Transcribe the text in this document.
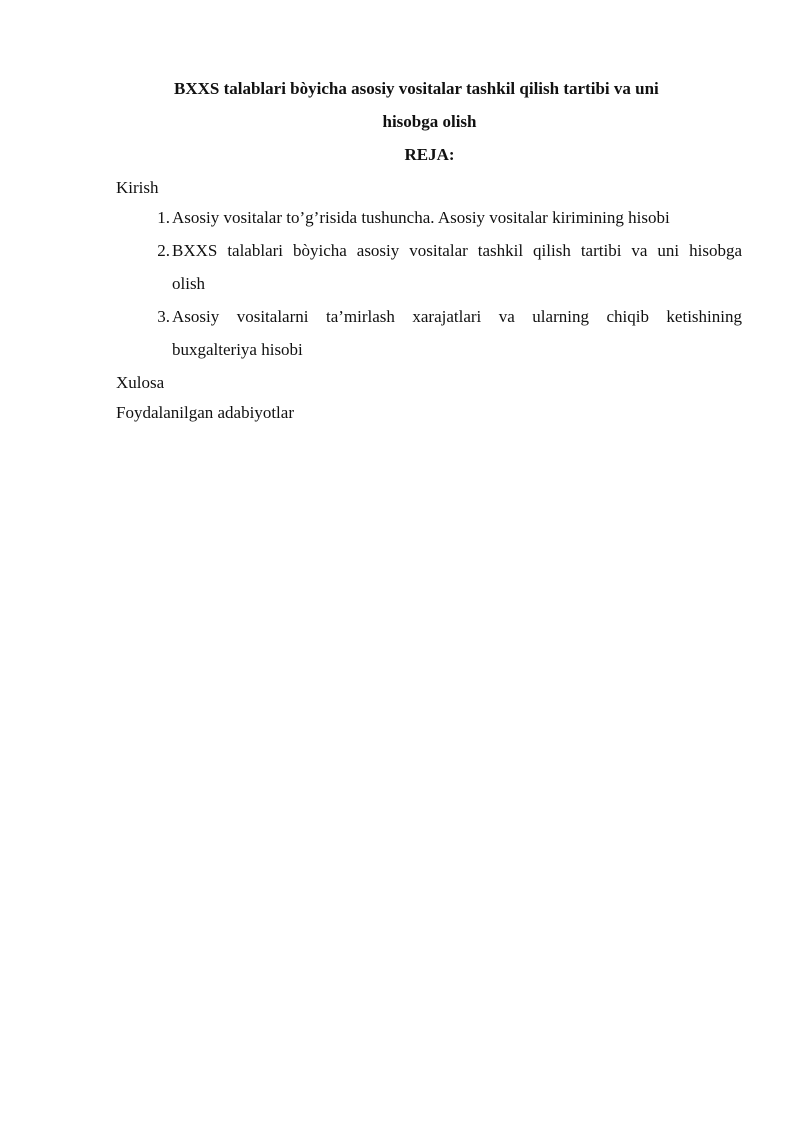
BXXS talablari bòyicha asosiy vositalar tashkil qilish tartibi va uni
hisobga olish
REJA:
Kirish
1. Asosiy vositalar to’g’risida tushuncha. Asosiy vositalar kirimining hisobi
2. BXXS talablari bòyicha asosiy vositalar tashkil qilish tartibi va uni hisobga
olish
3. Asosiy vositalarni ta’mirlash xarajatlari va ularning chiqib ketishining
buxgalteriya hisobi
Xulosa
Foydalanilgan adabiyotlar
